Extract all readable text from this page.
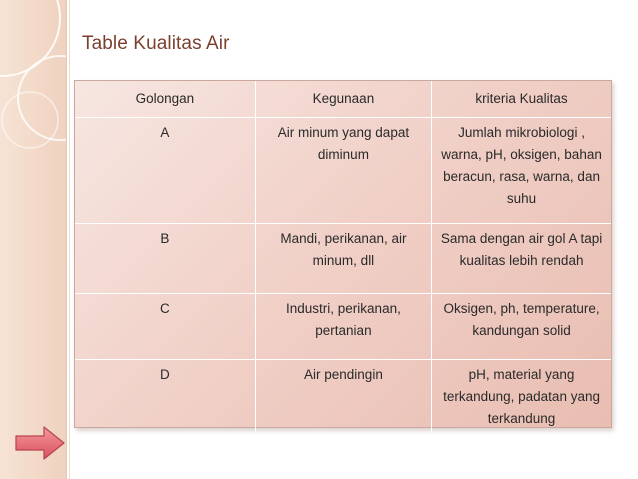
Table Kualitas Air
Golongan	Kegunaan	kriteria Kualitas
A	Air minum yang dapat diminum	Jumlah mikrobiologi , warna, pH, oksigen, bahan beracun, rasa, warna, dan suhu
B	Mandi, perikanan, air minum, dll	Sama dengan air gol A tapi kualitas lebih rendah
C	Industri, perikanan, pertanian	Oksigen, ph, temperature, kandungan solid
D	Air pendingin	pH, material yang terkandung, padatan yang terkandung
